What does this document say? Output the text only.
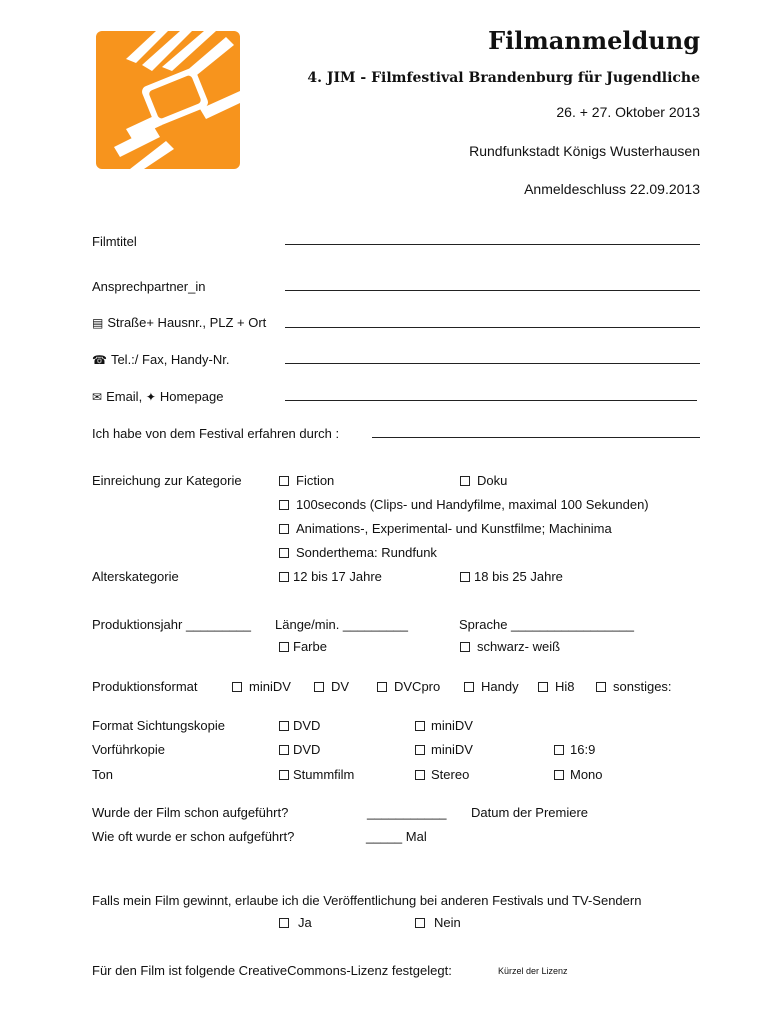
Filmanmeldung
4. JIM - Filmfestival Brandenburg für Jugendliche
26. + 27. Oktober 2013
Rundfunkstadt Königs Wusterhausen
Anmeldeschluss 22.09.2013
Filmtitel
Ansprechpartner_in
▤ Straße+ Hausnr., PLZ + Ort
☎ Tel.:/ Fax, Handy-Nr.
✉ Email, ✦ Homepage
Ich habe von dem Festival erfahren durch :
Einreichung zur Kategorie	Fiction	Doku
100seconds (Clips- und Handyfilme, maximal 100 Sekunden)
Animations-, Experimental- und Kunstfilme; Machinima
Sonderthema: Rundfunk
Alterskategorie	12 bis 17 Jahre	18 bis 25 Jahre
Produktionsjahr _________ Länge/min. _________	Sprache _________________
Farbe	schwarz- weiß
Produktionsformat	miniDV	DV	DVCpro	Handy	Hi8	sonstiges:
Format Sichtungskopie	DVD	miniDV
Vorführkopie	DVD	miniDV	16:9
Ton	Stummfilm	Stereo	Mono
Wurde der Film schon aufgeführt?	___________ Datum der Premiere
Wie oft wurde er schon aufgeführt?	_____ Mal
Falls mein Film gewinnt, erlaube ich die Veröffentlichung bei anderen Festivals und TV-Sendern
Ja	Nein
Für den Film ist folgende CreativeCommons-Lizenz festgelegt:	Kürzel der Lizenz
